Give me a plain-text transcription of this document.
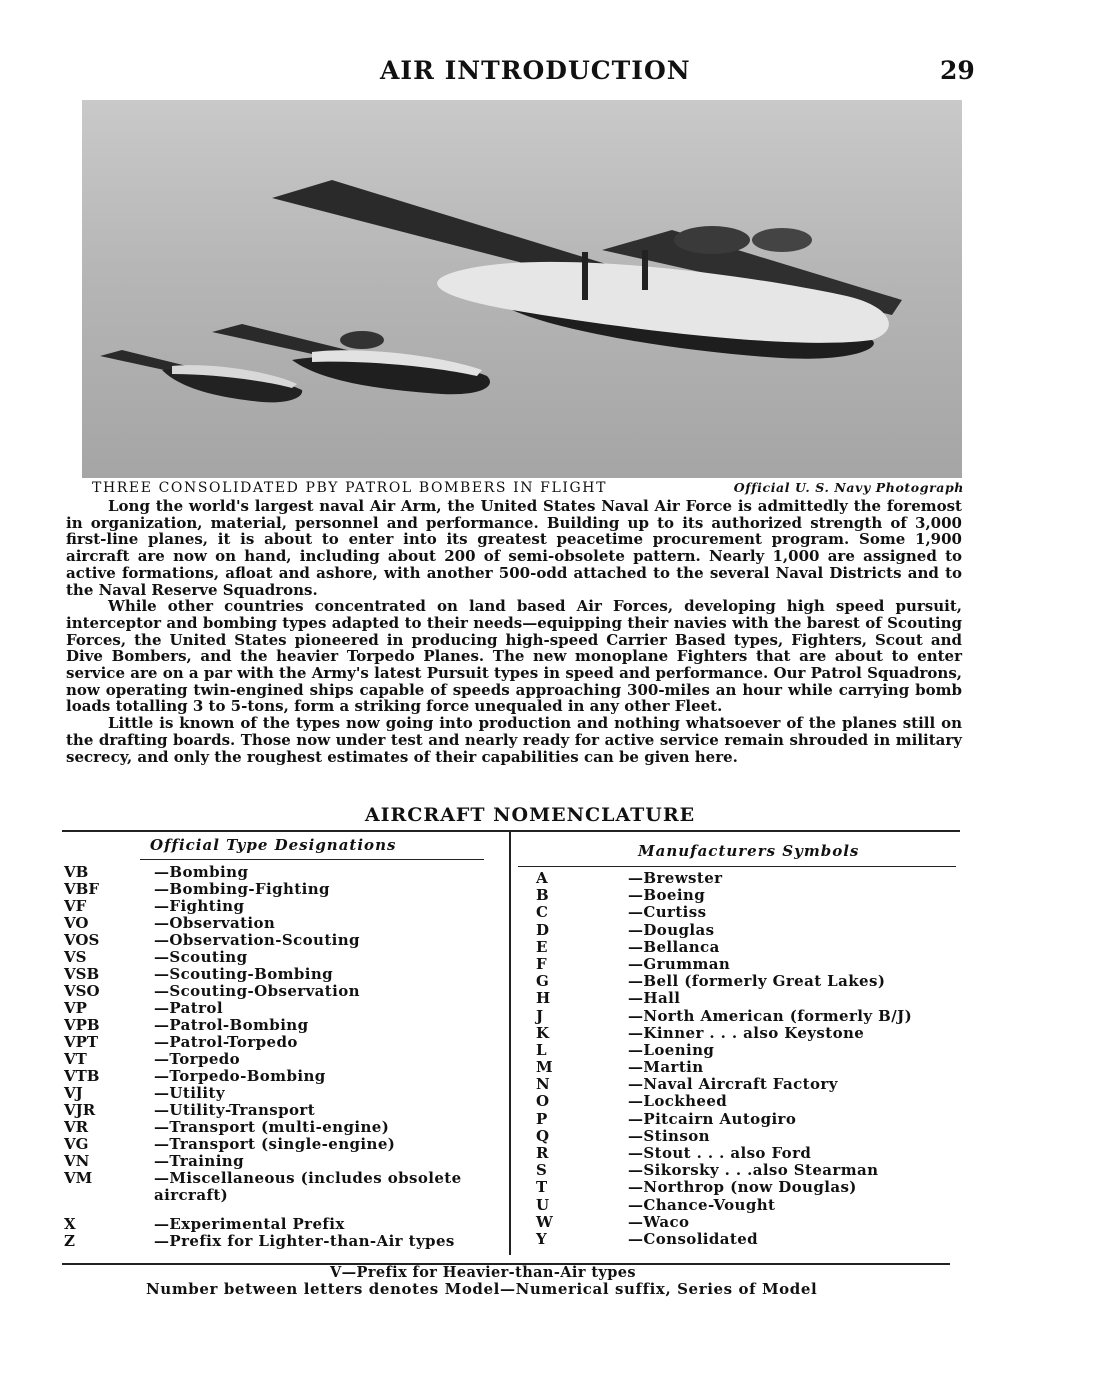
AIR INTRODUCTION	29
THREE CONSOLIDATED PBY PATROL BOMBERS IN FLIGHT	Official U. S. Navy Photograph

Long the world's largest naval Air Arm, the United States Naval Air Force is admittedly the foremost in organization, material, personnel and performance. Building up to its authorized strength of 3,000 first-line planes, it is about to enter into its greatest peacetime procurement program. Some 1,900 aircraft are now on hand, including about 200 of semi-obsolete pattern. Nearly 1,000 are assigned to active formations, afloat and ashore, with another 500-odd attached to the several Naval Districts and to the Naval Reserve Squadrons.

While other countries concentrated on land based Air Forces, developing high speed pursuit, interceptor and bombing types adapted to their needs—equipping their navies with the barest of Scouting Forces, the United States pioneered in producing high-speed Carrier Based types, Fighters, Scout and Dive Bombers, and the heavier Torpedo Planes. The new monoplane Fighters that are about to enter service are on a par with the Army's latest Pursuit types in speed and performance. Our Patrol Squadrons, now operating twin-engined ships capable of speeds approaching 300-miles an hour while carrying bomb loads totalling 3 to 5-tons, form a striking force unequaled in any other Fleet.

Little is known of the types now going into production and nothing whatsoever of the planes still on the drafting boards. Those now under test and nearly ready for active service remain shrouded in military secrecy, and only the roughest estimates of their capabilities can be given here.

AIRCRAFT NOMENCLATURE
Official Type Designations	Manufacturers Symbols
VB	—Bombing
VBF	—Bombing-Fighting
VF	—Fighting
VO	—Observation
VOS	—Observation-Scouting
VS	—Scouting
VSB	—Scouting-Bombing
VSO	—Scouting-Observation
VP	—Patrol
VPB	—Patrol-Bombing
VPT	—Patrol-Torpedo
VT	—Torpedo
VTB	—Torpedo-Bombing
VJ	—Utility
VJR	—Utility-Transport
VR	—Transport (multi-engine)
VG	—Transport (single-engine)
VN	—Training
VM	—Miscellaneous (includes obsolete aircraft)
X	—Experimental Prefix
Z	—Prefix for Lighter-than-Air types
A	—Brewster
B	—Boeing
C	—Curtiss
D	—Douglas
E	—Bellanca
F	—Grumman
G	—Bell (formerly Great Lakes)
H	—Hall
J	—North American (formerly B/J)
K	—Kinner . . . also Keystone
L	—Loening
M	—Martin
N	—Naval Aircraft Factory
O	—Lockheed
P	—Pitcairn Autogiro
Q	—Stinson
R	—Stout . . . also Ford
S	—Sikorsky . . .also Stearman
T	—Northrop (now Douglas)
U	—Chance-Vought
W	—Waco
Y	—Consolidated
V—Prefix for Heavier-than-Air types
Number between letters denotes Model—Numerical suffix, Series of Model
